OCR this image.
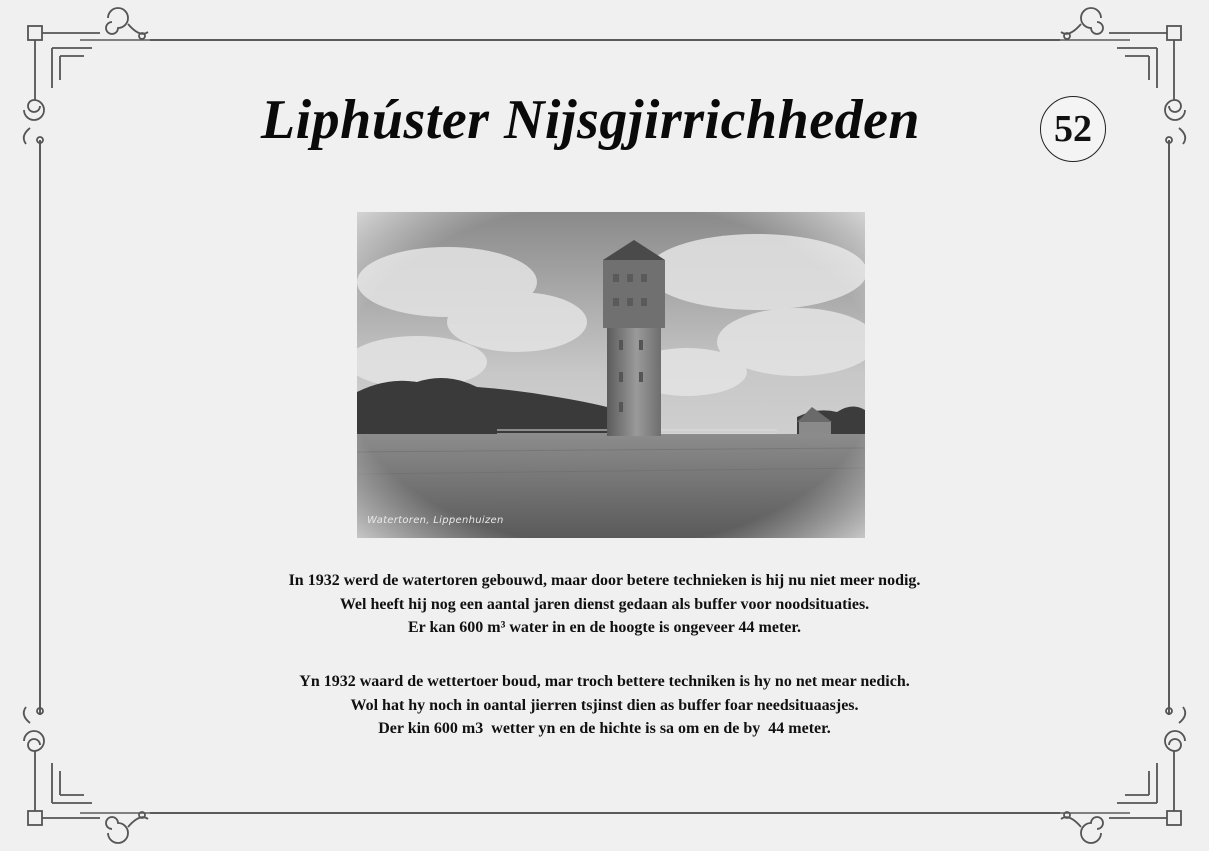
Liphúster Nijsgjirrichheden	52
Watertoren, Lippenhuizen

In 1932 werd de watertoren gebouwd, maar door betere technieken is hij nu niet meer nodig.

Wel heeft hij nog een aantal jaren dienst gedaan als buffer voor noodsituaties.

Er kan 600 m³ water in en de hoogte is ongeveer 44 meter.

Yn 1932 waard de wettertoer boud, mar troch bettere techniken is hy no net mear nedich.

Wol hat hy noch in oantal jierren tsjinst dien as buffer foar needsituaasjes.

Der kin 600 m3  wetter yn en de hichte is sa om en de by  44 meter.
